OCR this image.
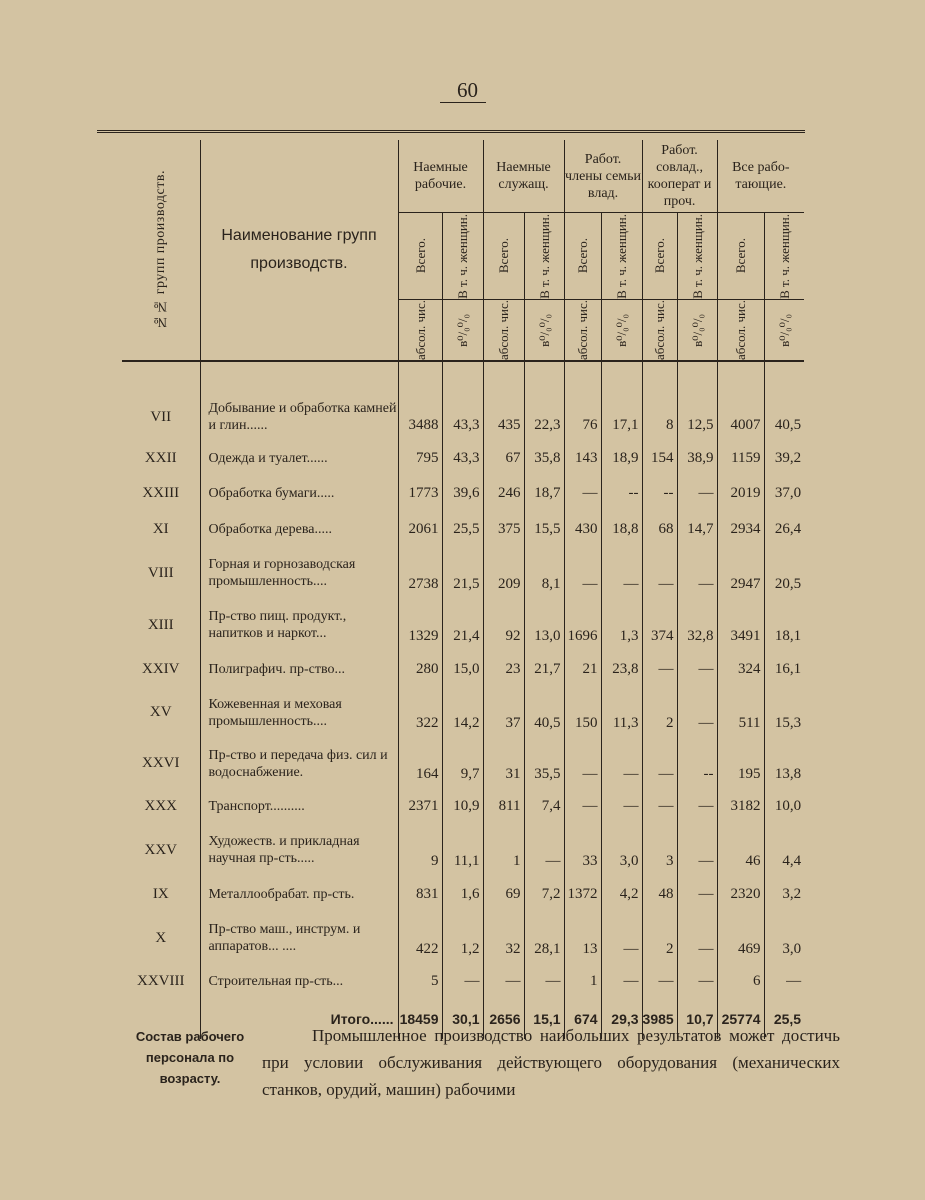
60
№№ групп производств.	Наименование групп производств.	Наемные рабочие.		Наемные служащ.		Работ. члены семьи влад.		Работ. совлад., кооперат и проч.		Все рабо- тающие.	

		Всего.	В т. ч. женщин.	Всего.	В т. ч. женщин.	Всего.	В т. ч. женщин.	Всего.	В т. ч. женщин.	Всего.	В т. ч. женщин.

		абсол. чис.	в⁰/₀⁰/₀	абсол. чис.	в⁰/₀⁰/₀	абсол. чис.	в⁰/₀⁰/₀	абсол. чис.	в⁰/₀⁰/₀	абсол. чис.	в⁰/₀⁰/₀

VII	Добывание и обработка камней и глин......	3488	43,3	435	22,3	76	17,1	8	12,5	4007	40,5
XXII	Одежда и туалет......	795	43,3	67	35,8	143	18,9	154	38,9	1159	39,2
XXIII	Обработка бумаги.....	1773	39,6	246	18,7	—	--	--	—	2019	37,0
XI	Обработка дерева.....	2061	25,5	375	15,5	430	18,8	68	14,7	2934	26,4
VIII	Горная и горнозаводская промышленность....	2738	21,5	209	8,1	—	—	—	—	2947	20,5
XIII	Пр-ство пищ. продукт., напитков и наркот...	1329	21,4	92	13,0	1696	1,3	374	32,8	3491	18,1
XXIV	Полиграфич. пр-ство...	280	15,0	23	21,7	21	23,8	—	—	324	16,1
XV	Кожевенная и меховая промышленность....	322	14,2	37	40,5	150	11,3	2	—	511	15,3
XXVI	Пр-ство и передача физ. сил и водоснабжение.	164	9,7	31	35,5	—	—	—	--	195	13,8
XXX	Транспорт..........	2371	10,9	811	7,4	—	—	—	—	3182	10,0
XXV	Художеств. и прикладная научная пр-сть.....	9	11,1	1	—	33	3,0	3	—	46	4,4
IX	Металлообрабат. пр-сть.	831	1,6	69	7,2	1372	4,2	48	—	2320	3,2
X	Пр-ство маш., инструм. и аппаратов... ....	422	1,2	32	28,1	13	—	2	—	469	3,0
XXVIII	Строительная пр-сть...	5	—	—	—	1	—	—	—	6	—
	Итого......	18459	30,1	2656	15,1	674	29,3	3985	10,7	25774	25,5
Состав рабочего персонала по возрасту.
Промышленное производство наибольших результатов может достичь при условии обслуживания действующего оборудования (механических станков, орудий, машин) рабочими
